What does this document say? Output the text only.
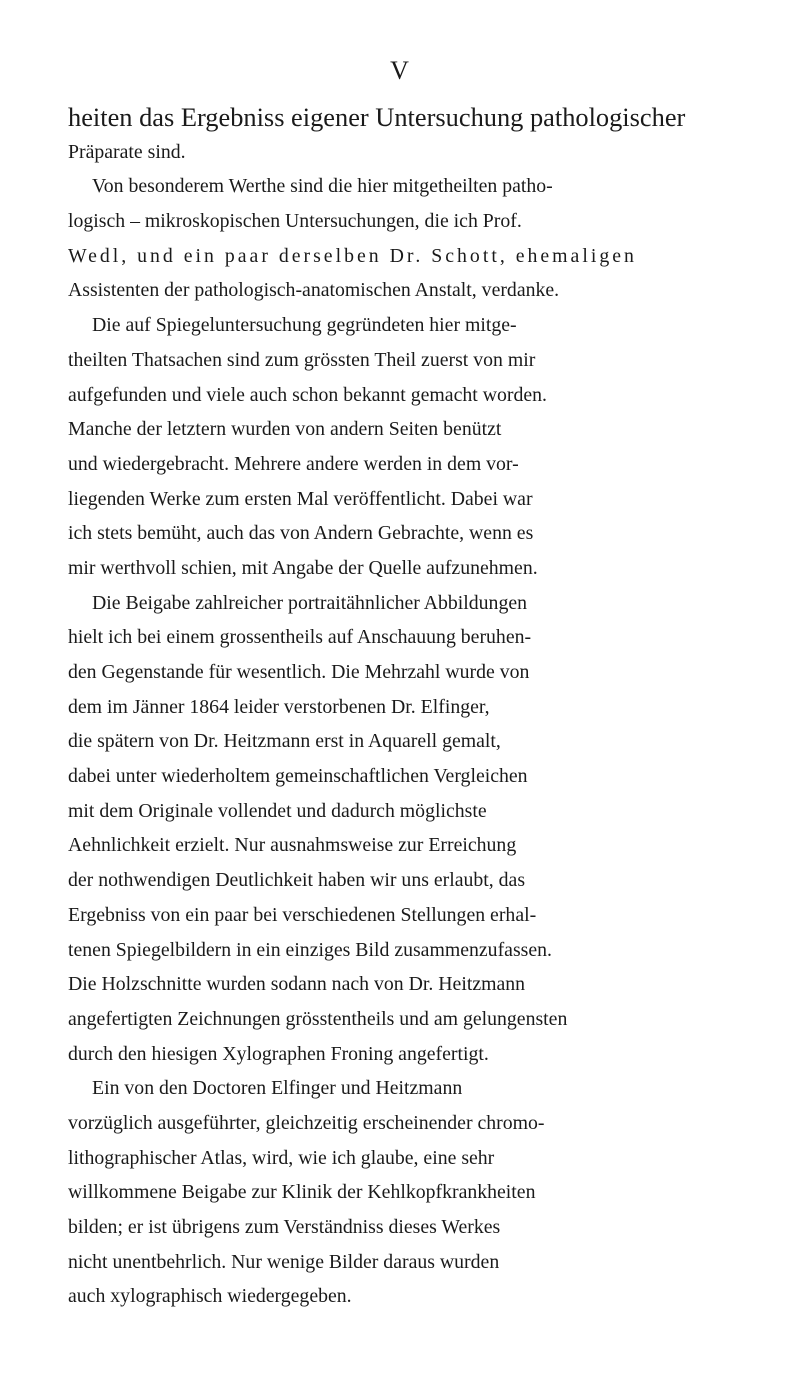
V
heiten das Ergebniss eigener Untersuchung pathologischer
Präparate sind.
Von besonderem Werthe sind die hier mitgetheilten patho-
logisch – mikroskopischen Untersuchungen, die ich Prof.
Wedl, und ein paar derselben Dr. Schott, ehemaligen
Assistenten der pathologisch-anatomischen Anstalt, verdanke.
Die auf Spiegeluntersuchung gegründeten hier mitge-
theilten Thatsachen sind zum grössten Theil zuerst von mir
aufgefunden und viele auch schon bekannt gemacht worden.
Manche der letztern wurden von andern Seiten benützt
und wiedergebracht. Mehrere andere werden in dem vor-
liegenden Werke zum ersten Mal veröffentlicht. Dabei war
ich stets bemüht, auch das von Andern Gebrachte, wenn es
mir werthvoll schien, mit Angabe der Quelle aufzunehmen.
Die Beigabe zahlreicher portraitähnlicher Abbildungen
hielt ich bei einem grossentheils auf Anschauung beruhen-
den Gegenstande für wesentlich. Die Mehrzahl wurde von
dem im Jänner 1864 leider verstorbenen Dr. Elfinger,
die spätern von Dr. Heitzmann erst in Aquarell gemalt,
dabei unter wiederholtem gemeinschaftlichen Vergleichen
mit dem Originale vollendet und dadurch möglichste
Aehnlichkeit erzielt. Nur ausnahmsweise zur Erreichung
der nothwendigen Deutlichkeit haben wir uns erlaubt, das
Ergebniss von ein paar bei verschiedenen Stellungen erhal-
tenen Spiegelbildern in ein einziges Bild zusammenzufassen.
Die Holzschnitte wurden sodann nach von Dr. Heitzmann
angefertigten Zeichnungen grösstentheils und am gelungensten
durch den hiesigen Xylographen Froning angefertigt.
Ein von den Doctoren Elfinger und Heitzmann
vorzüglich ausgeführter, gleichzeitig erscheinender chromo-
lithographischer Atlas, wird, wie ich glaube, eine sehr
willkommene Beigabe zur Klinik der Kehlkopfkrankheiten
bilden; er ist übrigens zum Verständniss dieses Werkes
nicht unentbehrlich. Nur wenige Bilder daraus wurden
auch xylographisch wiedergegeben.
